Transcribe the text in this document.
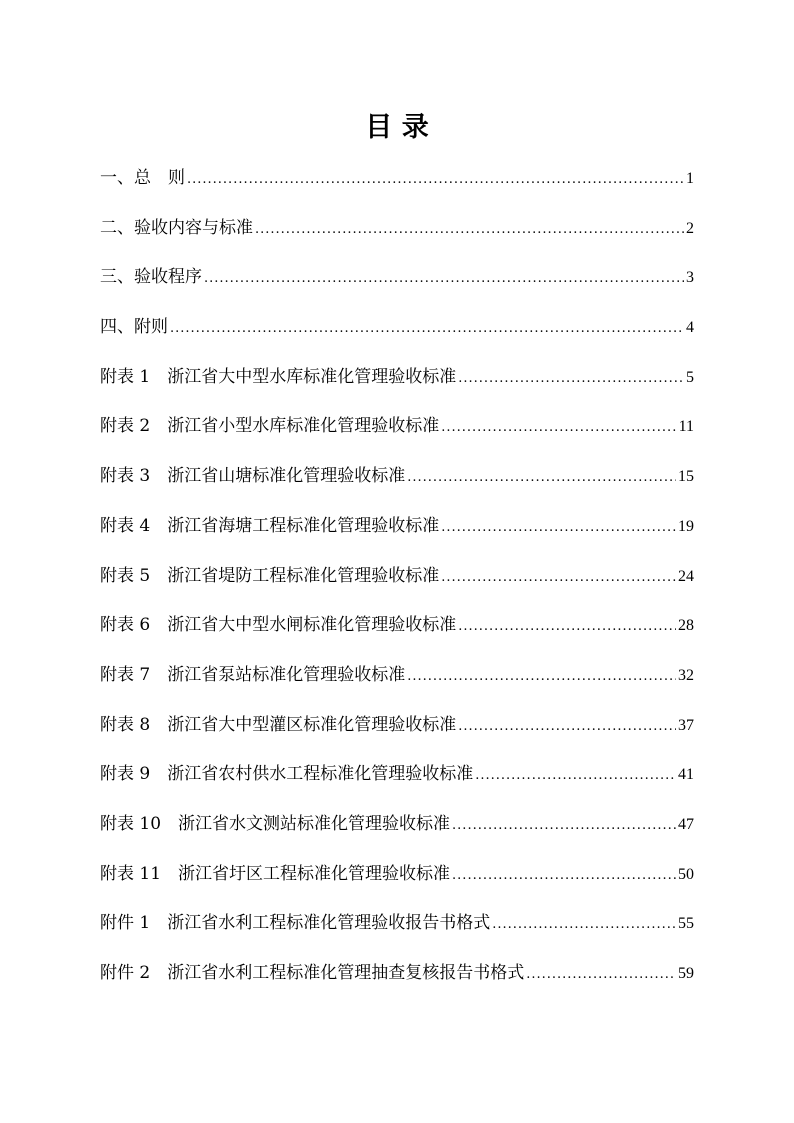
目 录
一、总　则 .....	1
二、验收内容与标准 .....	2
三、验收程序 .....	3
四、附则 .....	4
附表 1　浙江省大中型水库标准化管理验收标准 .....	5
附表 2　浙江省小型水库标准化管理验收标准 .....	11
附表 3　浙江省山塘标准化管理验收标准 .....	15
附表 4　浙江省海塘工程标准化管理验收标准 .....	19
附表 5　浙江省堤防工程标准化管理验收标准 .....	24
附表 6　浙江省大中型水闸标准化管理验收标准 .....	28
附表 7　浙江省泵站标准化管理验收标准 .....	32
附表 8　浙江省大中型灌区标准化管理验收标准 .....	37
附表 9　浙江省农村供水工程标准化管理验收标准 .....	41
附表 10　浙江省水文测站标准化管理验收标准 .....	47
附表 11　浙江省圩区工程标准化管理验收标准 .....	50
附件 1　浙江省水利工程标准化管理验收报告书格式 .....	55
附件 2　浙江省水利工程标准化管理抽查复核报告书格式 .....	59
